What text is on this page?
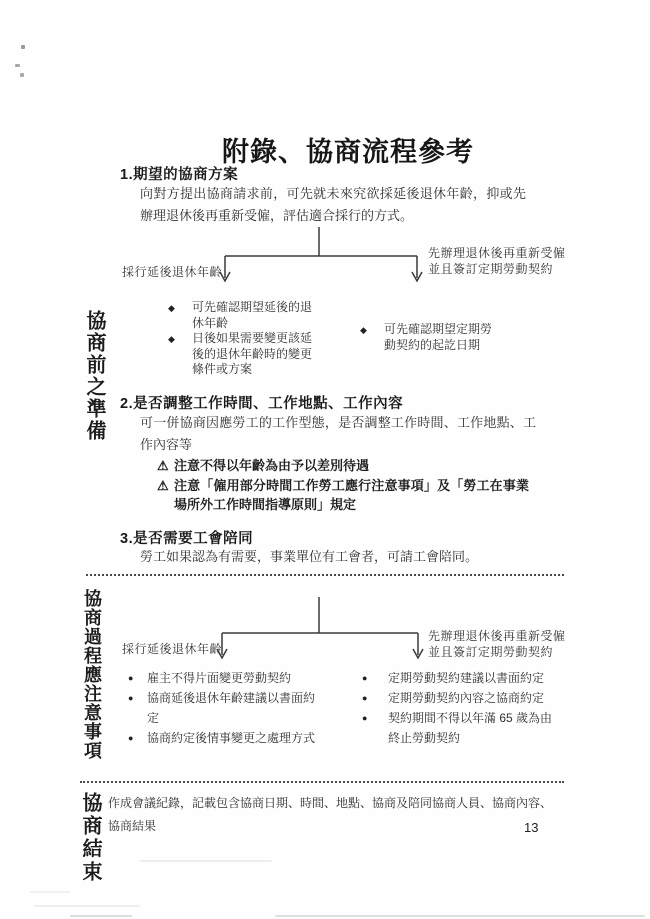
附錄、協商流程參考
1.期望的協商方案
向對方提出協商請求前，可先就未來究欲採延後退休年齡，抑或先辦理退休後再重新受僱，評估適合採行的方式。
採行延後退休年齡
先辦理退休後再重新受僱
並且簽訂定期勞動契約
◆	可先確認期望延後的退休年齡
◆	日後如果需要變更該延後的退休年齡時的變更條件或方案
◆	可先確認期望定期勞動契約的起訖日期
2.是否調整工作時間、工作地點、工作內容
可一併協商因應勞工的工作型態，是否調整工作時間、工作地點、工作內容等
⚠ 注意不得以年齡為由予以差別待遇
⚠ 注意「僱用部分時間工作勞工應行注意事項」及「勞工在事業場所外工作時間指導原則」規定
3.是否需要工會陪同
勞工如果認為有需要，事業單位有工會者，可請工會陪同。
協商前之準備
協商過程應注意事項
協商結束
採行延後退休年齡
先辦理退休後再重新受僱
並且簽訂定期勞動契約
●	雇主不得片面變更勞動契約
●	協商延後退休年齡建議以書面約定
●	協商約定後情事變更之處理方式
●	定期勞動契約建議以書面約定
●	定期勞動契約內容之協商約定
●	契約期間不得以年滿 65 歲為由終止勞動契約
作成會議紀錄，記載包含協商日期、時間、地點、協商及陪同協商人員、協商內容、協商結果	13
